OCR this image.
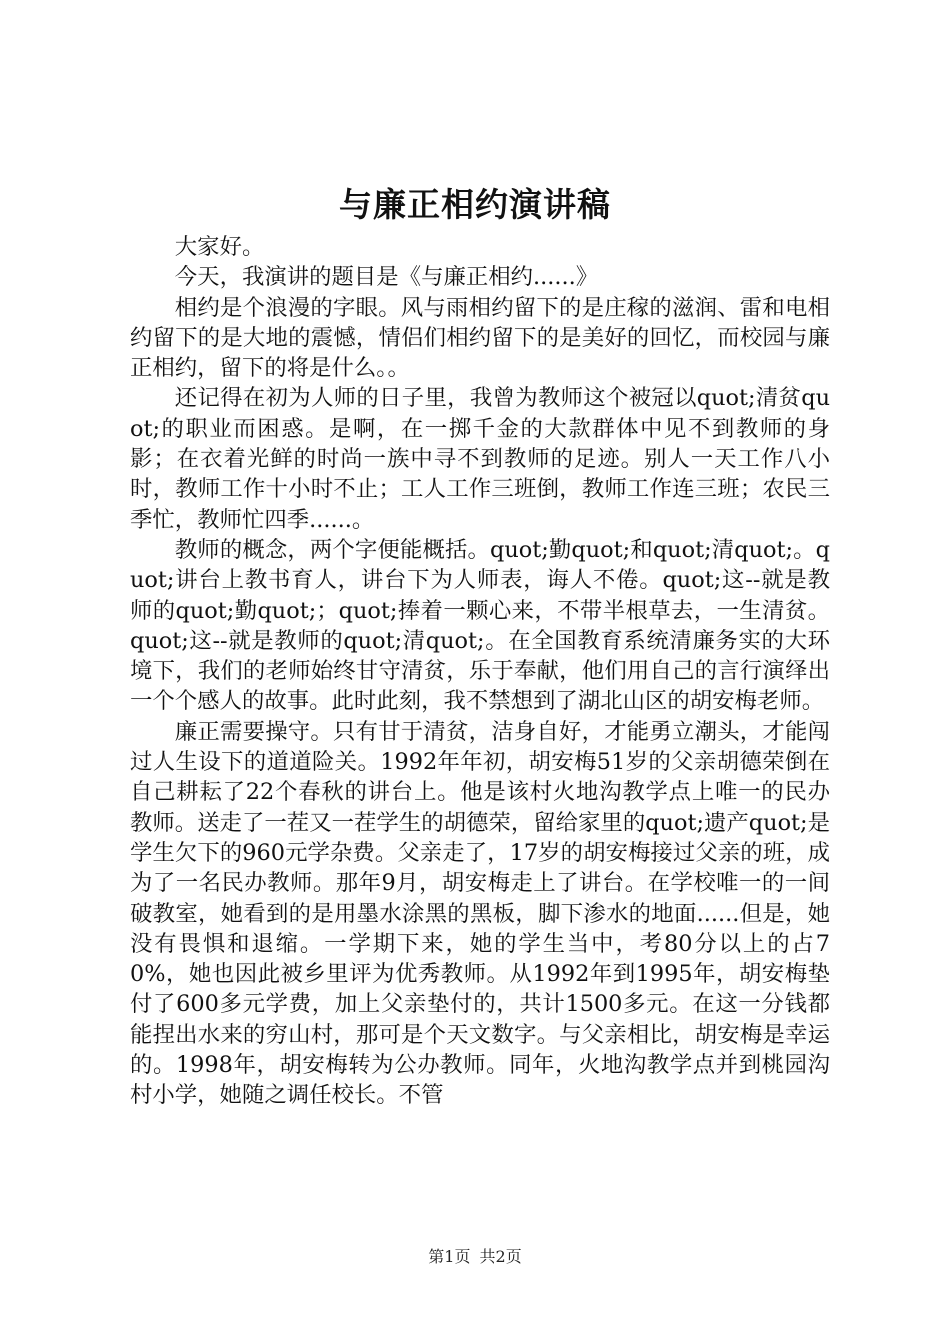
与廉正相约演讲稿

大家好。

今天，我演讲的题目是《与廉正相约......》

相约是个浪漫的字眼。风与雨相约留下的是庄稼的滋润、雷和电相约留下的是大地的震憾，情侣们相约留下的是美好的回忆，而校园与廉正相约，留下的将是什么。。

还记得在初为人师的日子里，我曾为教师这个被冠以quot;清贫quot;的职业而困惑。是啊，在一掷千金的大款群体中见不到教师的身影；在衣着光鲜的时尚一族中寻不到教师的足迹。别人一天工作八小时，教师工作十小时不止；工人工作三班倒，教师工作连三班；农民三季忙，教师忙四季......。

教师的概念，两个字便能概括。quot;勤quot;和quot;清quot;。quot;讲台上教书育人，讲台下为人师表，诲人不倦。quot;这--就是教师的quot;勤quot;；quot;捧着一颗心来，不带半根草去，一生清贫。quot;这--就是教师的quot;清quot;。在全国教育系统清廉务实的大环境下，我们的老师始终甘守清贫，乐于奉献，他们用自己的言行演绎出一个个感人的故事。此时此刻，我不禁想到了湖北山区的胡安梅老师。

廉正需要操守。只有甘于清贫，洁身自好，才能勇立潮头，才能闯过人生设下的道道险关。1992年年初，胡安梅51岁的父亲胡德荣倒在自己耕耘了22个春秋的讲台上。他是该村火地沟教学点上唯一的民办教师。送走了一茬又一茬学生的胡德荣，留给家里的quot;遗产quot;是学生欠下的960元学杂费。父亲走了，17岁的胡安梅接过父亲的班，成为了一名民办教师。那年9月，胡安梅走上了讲台。在学校唯一的一间破教室，她看到的是用墨水涂黑的黑板，脚下渗水的地面......但是，她没有畏惧和退缩。一学期下来，她的学生当中，考80分以上的占70%，她也因此被乡里评为优秀教师。从1992年到1995年，胡安梅垫付了600多元学费，加上父亲垫付的，共计1500多元。在这一分钱都能捏出水来的穷山村，那可是个天文数字。与父亲相比，胡安梅是幸运的。1998年，胡安梅转为公办教师。同年，火地沟教学点并到桃园沟村小学，她随之调任校长。不管

第1页 共2页
